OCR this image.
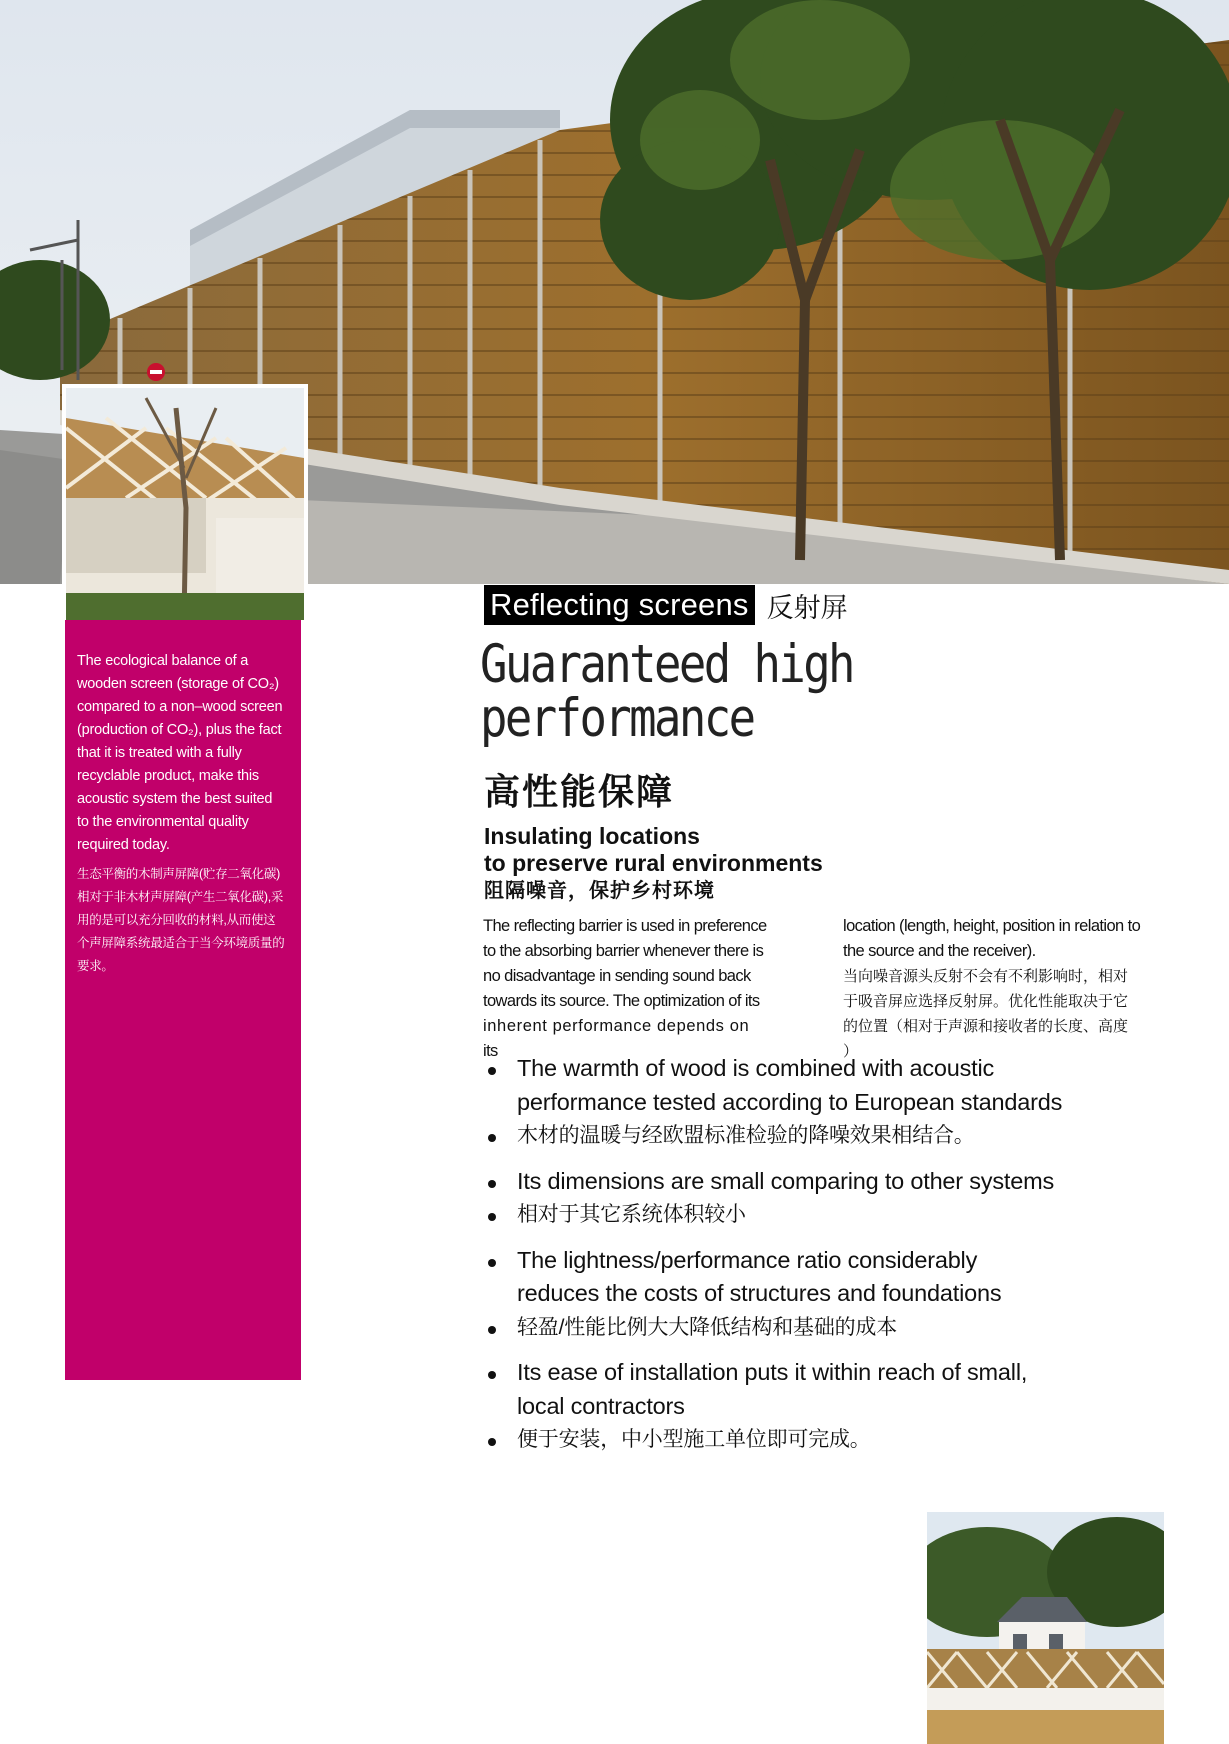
The ecological balance of a
wooden screen (storage of CO₂)
compared to a non–wood screen
(production of CO₂), plus the fact
that it is treated with a fully
recyclable product, make this
acoustic system the best suited
to the environmental quality
required today.

生态平衡的木制声屏障(贮存二氧化碳)
相对于非木材声屏障(产生二氧化碳),采
用的是可以充分回收的材料,从而使这
个声屏障系统最适合于当今环境质量的
要求。

Reflecting screens 反射屏
Guaranteed high performance
高性能保障
Insulating locations
to preserve rural environments
阻隔噪音，保护乡村环境

The reflecting barrier is used in preference
to the absorbing barrier whenever there is
no disadvantage in sending sound back
towards its source. The optimization of its
inherent performance depends on
its

location (length, height, position in relation to
the source and the receiver).

当向噪音源头反射不会有不利影响时，相对
于吸音屏应选择反射屏。优化性能取决于它
的位置（相对于声源和接收者的长度、高度
）

The warmth of wood is combined with acoustic
performance tested according to European standards
木材的温暖与经欧盟标准检验的降噪效果相结合。
Its dimensions are small comparing to other systems
相对于其它系统体积较小
The lightness/performance ratio considerably
reduces the costs of structures and foundations
轻盈/性能比例大大降低结构和基础的成本
Its ease of installation puts it within reach of small,
local contractors
便于安装，中小型施工单位即可完成。
